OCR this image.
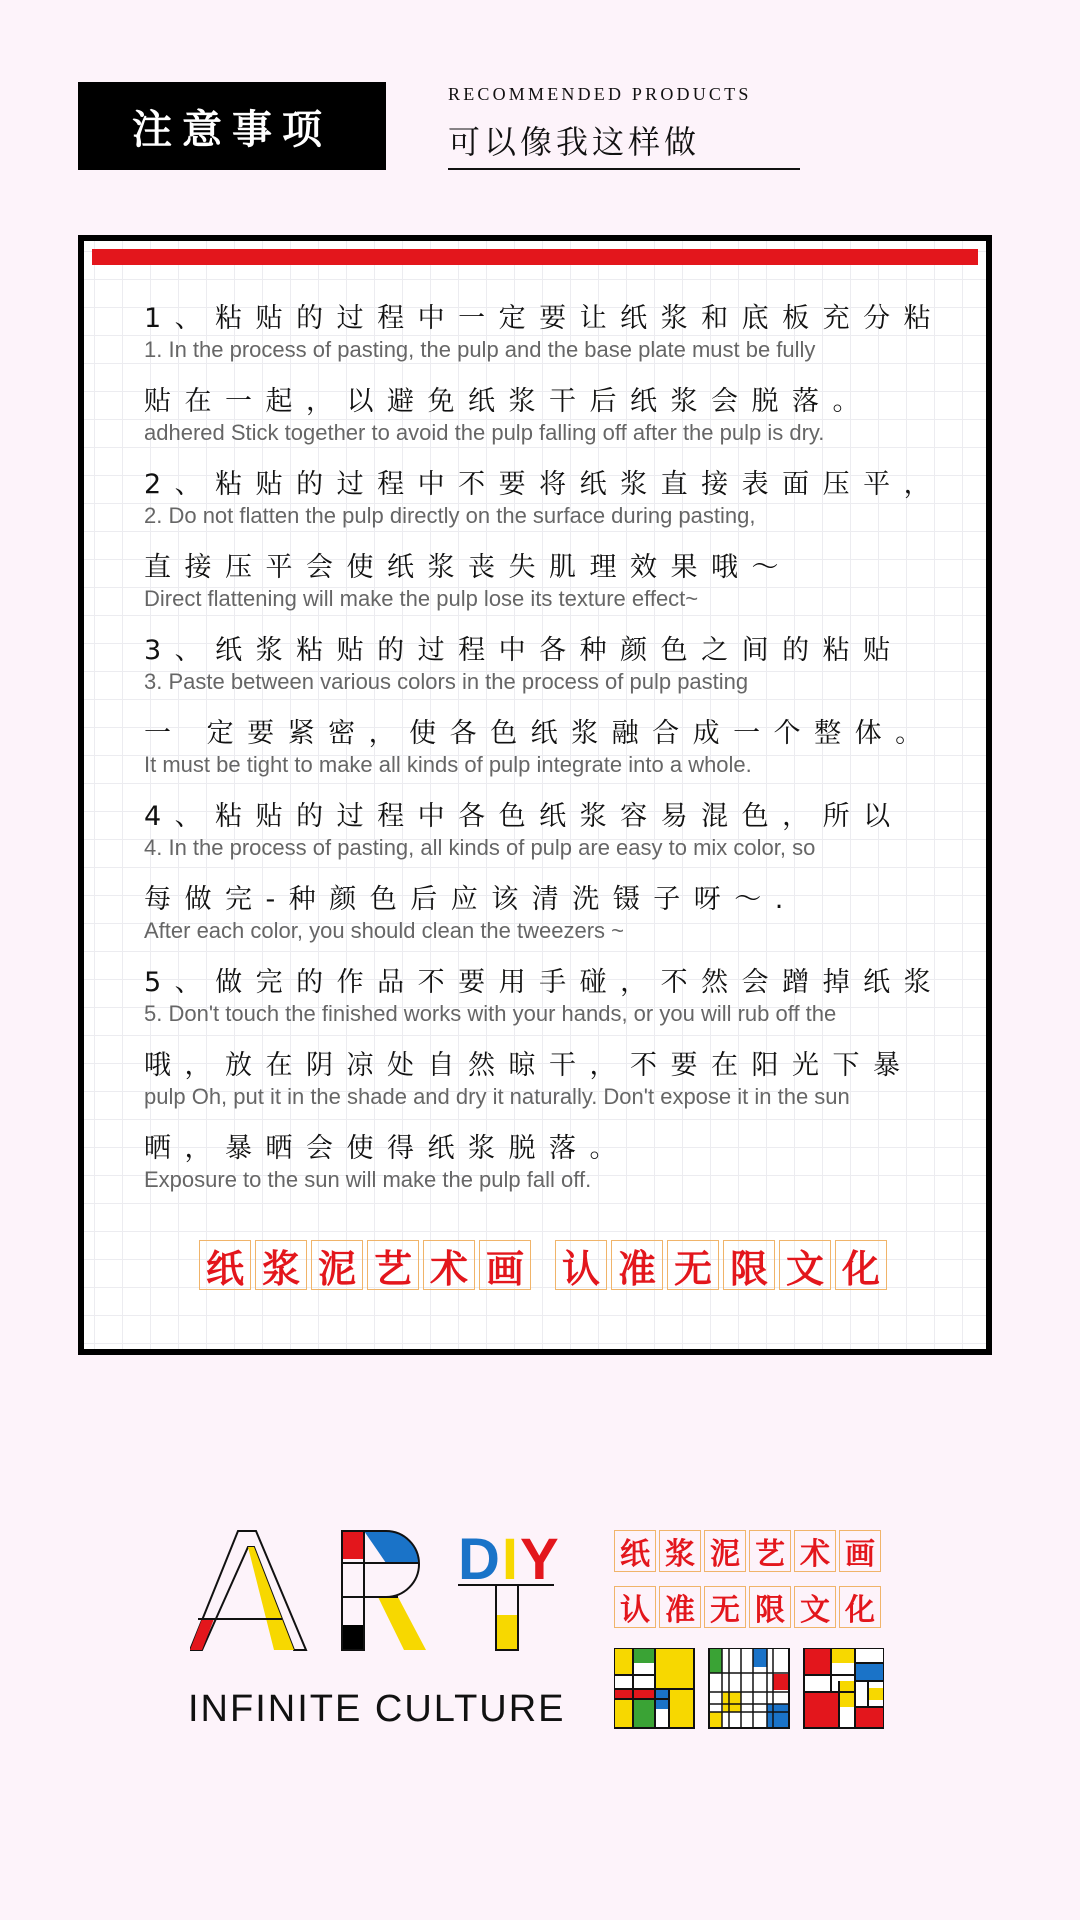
注意事项
RECOMMENDED PRODUCTS
可以像我这样做
1、粘贴的过程中一定要让纸浆和底板充分粘
1. In the process of pasting, the pulp and the base plate must be fully
贴在一起，以避免纸浆干后纸浆会脱落。
adhered Stick together to avoid the pulp falling off after the pulp is dry.
2、粘贴的过程中不要将纸浆直接表面压平，
2. Do not flatten the pulp directly on the surface during pasting,
直接压平会使纸浆丧失肌理效果哦～
Direct flattening will make the pulp lose its texture effect~
3、纸浆粘贴的过程中各种颜色之间的粘贴
3. Paste between various colors in the process of pulp pasting
一 定要紧密，使各色纸浆融合成一个整体。
It must be tight to make all kinds of pulp integrate into a whole.
4、粘贴的过程中各色纸浆容易混色，所以
4. In the process of pasting, all kinds of pulp are easy to mix color, so
每做完-种颜色后应该清洗镊子呀～.
After each color, you should clean the tweezers ~
5、做完的作品不要用手碰，不然会蹭掉纸浆
5. Don't touch the finished works with your hands, or you will rub off the
哦，放在阴凉处自然晾干，不要在阳光下暴
pulp Oh, put it in the shade and dry it naturally. Don't expose it in the sun
晒，暴晒会使得纸浆脱落。
Exposure to the sun will make the pulp fall off.
纸 浆 泥 艺 术 画 认 准 无 限 文 化
DIY
INFINITE CULTURE
纸 浆 泥 艺 术 画
认 准 无 限 文 化
